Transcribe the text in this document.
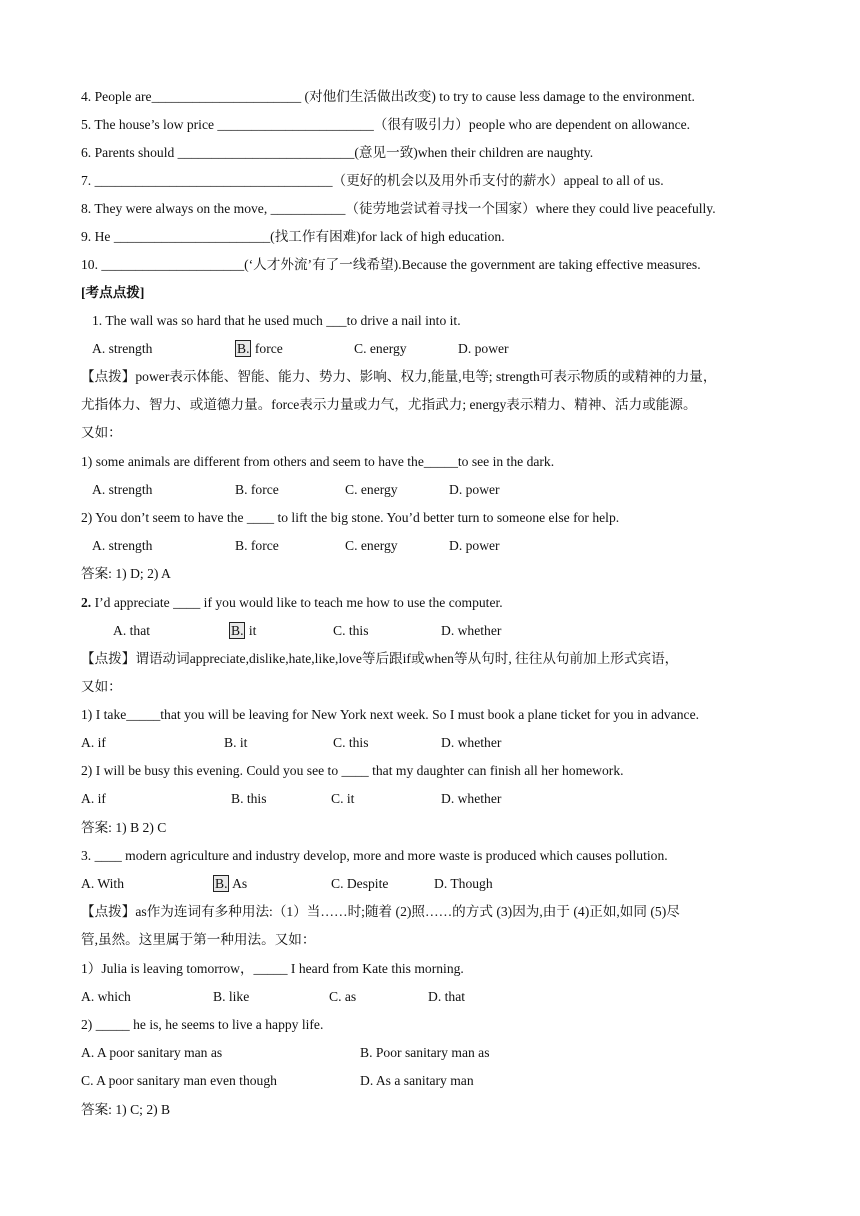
4. People are______________________ (对他们生活做出改变) to try to cause less damage to the environment.
5. The house’s low price _______________________（很有吸引力）people who are dependent on allowance.
6. Parents should __________________________(意见一致)when their children are naughty.
7. ___________________________________（更好的机会以及用外币支付的薪水）appeal to all of us.
8. They were always on the move, ___________（徒劳地尝试着寻找一个国家）where they could live peacefully.
9. He _______________________(找工作有困难)for lack of high education.
10. _____________________(‘人才外流’有了一线希望).Because the government are taking effective measures.
[考点点拨]
1. The wall was so hard that he used much ___to drive a nail into it.
A. strength	B. force	C. energy	D. power
【点拨】power表示体能、智能、能力、势力、影响、权力,能量,电等; strength可表示物质的或精神的力量，
尤指体力、智力、或道德力量。force表示力量或力气，尤指武力; energy表示精力、精神、活力或能源。
又如：
1) some animals are different from others and seem to have the_____to see in the dark.
A. strength	B. force	C. energy	D. power
2) You don’t seem to have the ____ to lift the big stone. You’d better turn to someone else for help.
A. strength	B. force	C. energy	D. power
答案: 1) D; 2) A
2. I’d appreciate ____ if you would like to teach me how to use the computer.
A. that	B. it	C. this	D. whether
【点拨】谓语动词appreciate,dislike,hate,like,love等后跟if或when等从句时, 往往从句前加上形式宾语，
又如：
1) I take_____that you will be leaving for New York next week. So I must book a plane ticket for you in advance.
A. if	B. it	C. this	D. whether
2) I will be busy this evening. Could you see to ____ that my daughter can finish all her homework.
A. if	B. this	C. it	D. whether
答案: 1) B 2) C
3. ____ modern agriculture and industry develop, more and more waste is produced which causes pollution.
A. With	B. As	C. Despite	D. Though
【点拨】as作为连词有多种用法:（1）当……时;随着 (2)照……的方式 (3)因为,由于 (4)正如,如同 (5)尽
管,虽然。这里属于第一种用法。又如：
1）Julia is leaving tomorrow，_____ I heard from Kate this morning.
A. which	B. like	C. as	D. that
2) _____ he is, he seems to live a happy life.
A. A poor sanitary man as	B. Poor sanitary man as
C. A poor sanitary man even though	D. As a sanitary man
答案: 1) C; 2) B
